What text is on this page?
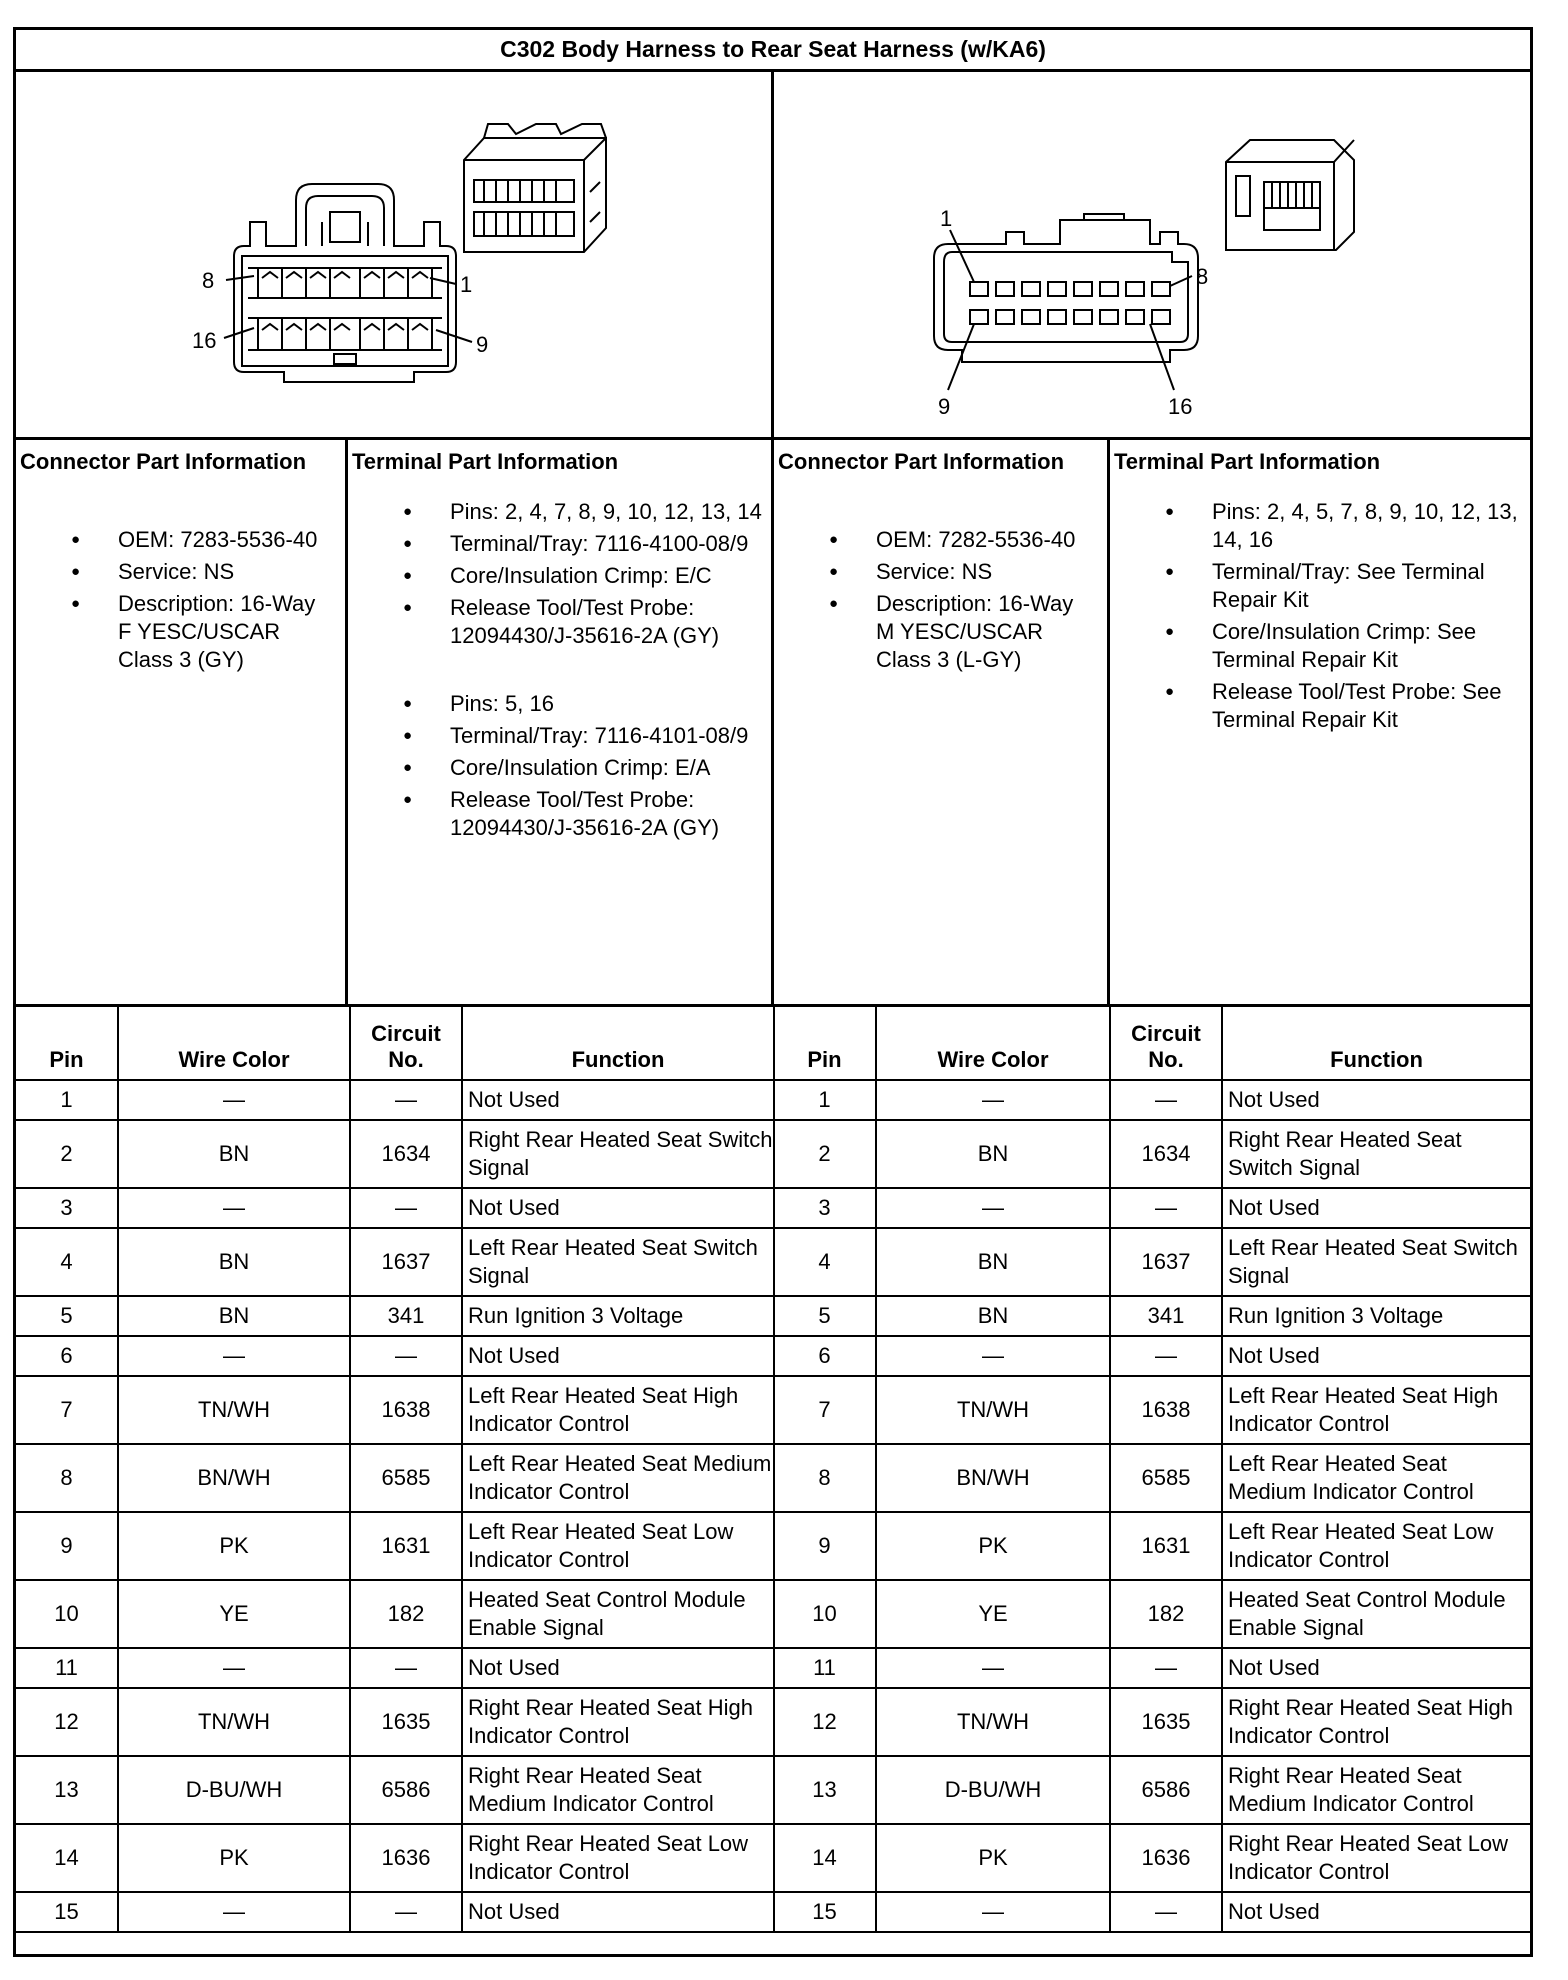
C302 Body Harness to Rear Seat Harness (w/KA6)
8	1
16	9
1
8
9	16
Connector Part Information
● OEM: 7283-5536-40
● Service: NS
● Description: 16-Way F YESC/USCAR Class 3 (GY)
Terminal Part Information
● Pins: 2, 4, 7, 8, 9, 10, 12, 13, 14
● Terminal/Tray: 7116-4100-08/9
● Core/Insulation Crimp: E/C
● Release Tool/Test Probe: 12094430/J-35616-2A (GY)
● Pins: 5, 16
● Terminal/Tray: 7116-4101-08/9
● Core/Insulation Crimp: E/A
● Release Tool/Test Probe: 12094430/J-35616-2A (GY)
Connector Part Information
● OEM: 7282-5536-40
● Service: NS
● Description: 16-Way M YESC/USCAR Class 3 (L-GY)
Terminal Part Information
● Pins: 2, 4, 5, 7, 8, 9, 10, 12, 13, 14, 16
● Terminal/Tray: See Terminal Repair Kit
● Core/Insulation Crimp: See Terminal Repair Kit
● Release Tool/Test Probe: See Terminal Repair Kit
Pin	Wire Color	Circuit No.	Function
1	—	—	Not Used
2	BN	1634	Right Rear Heated Seat Switch Signal
3	—	—	Not Used
4	BN	1637	Left Rear Heated Seat Switch Signal
5	BN	341	Run Ignition 3 Voltage
6	—	—	Not Used
7	TN/WH	1638	Left Rear Heated Seat High Indicator Control
8	BN/WH	6585	Left Rear Heated Seat Medium Indicator Control
9	PK	1631	Left Rear Heated Seat Low Indicator Control
10	YE	182	Heated Seat Control Module Enable Signal
11	—	—	Not Used
12	TN/WH	1635	Right Rear Heated Seat High Indicator Control
13	D-BU/WH	6586	Right Rear Heated Seat Medium Indicator Control
14	PK	1636	Right Rear Heated Seat Low Indicator Control
15	—	—	Not Used
Pin	Wire Color	Circuit No.	Function
1	—	—	Not Used
2	BN	1634	Right Rear Heated Seat Switch Signal
3	—	—	Not Used
4	BN	1637	Left Rear Heated Seat Switch Signal
5	BN	341	Run Ignition 3 Voltage
6	—	—	Not Used
7	TN/WH	1638	Left Rear Heated Seat High Indicator Control
8	BN/WH	6585	Left Rear Heated Seat Medium Indicator Control
9	PK	1631	Left Rear Heated Seat Low Indicator Control
10	YE	182	Heated Seat Control Module Enable Signal
11	—	—	Not Used
12	TN/WH	1635	Right Rear Heated Seat High Indicator Control
13	D-BU/WH	6586	Right Rear Heated Seat Medium Indicator Control
14	PK	1636	Right Rear Heated Seat Low Indicator Control
15	—	—	Not Used
